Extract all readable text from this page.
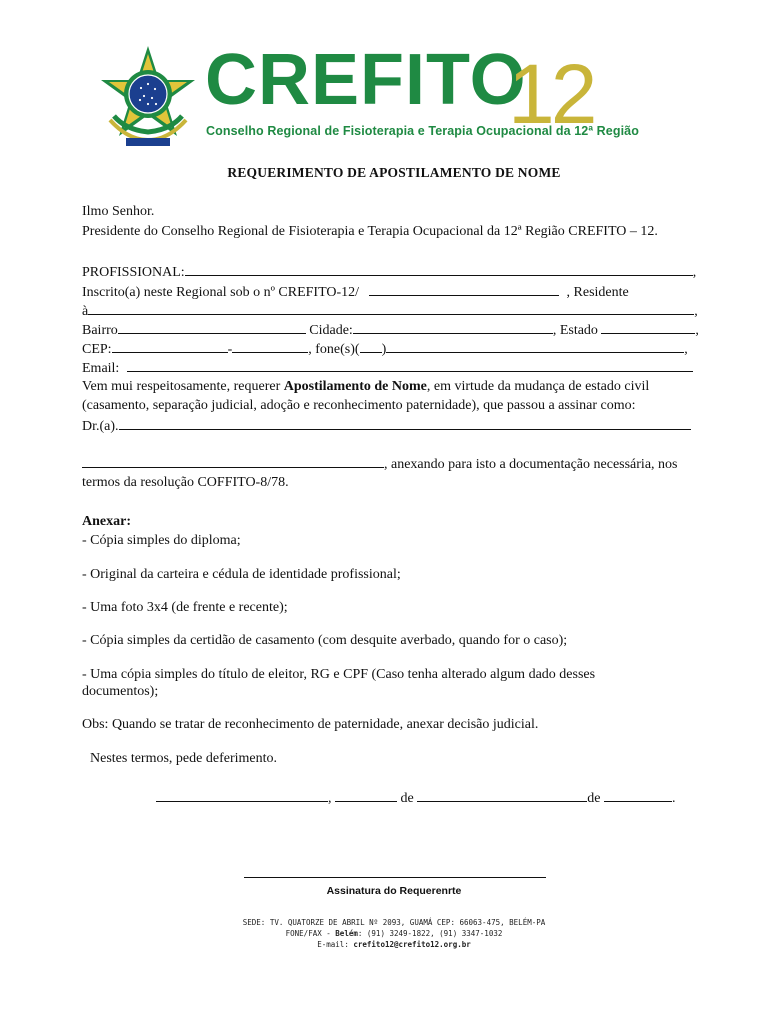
CREFITO
12
Conselho Regional de Fisioterapia e Terapia Ocupacional da 12ª Região
REQUERIMENTO DE APOSTILAMENTO DE NOME
Ilmo Senhor.
Presidente do Conselho Regional de Fisioterapia e Terapia Ocupacional da 12ª Região CREFITO – 12.
PROFISSIONAL:	,
Inscrito(a) neste Regional sob o nº CREFITO-12/	, Residente
à	,
Bairro	Cidade:	, Estado	,
CEP:	-	, fone(s)( )	,
Email:
Vem mui respeitosamente, requerer Apostilamento de Nome, em virtude da mudança de estado civil
(casamento, separação judicial, adoção e reconhecimento paternidade), que passou a assinar como:
Dr.(a).
, anexando para isto a documentação necessária, nos
termos da resolução COFFITO-8/78.
Anexar:
- Cópia simples do diploma;
- Original da carteira e cédula de identidade profissional;
- Uma foto 3x4 (de frente e recente);
- Cópia simples da certidão de casamento (com desquite averbado, quando for o caso);
- Uma cópia simples do título de eleitor, RG e CPF (Caso tenha alterado algum dado desses
documentos);
Obs: Quando se tratar de reconhecimento de paternidade, anexar decisão judicial.
Nestes termos, pede deferimento.
,	de	de	.
Assinatura do Requerenrte
SEDE: TV. QUATORZE DE ABRIL Nº 2093, GUAMÁ CEP: 66063-475, BELÉM-PA
FONE/FAX - Belém: (91) 3249-1822, (91) 3347-1032
E-mail: crefito12@crefito12.org.br
